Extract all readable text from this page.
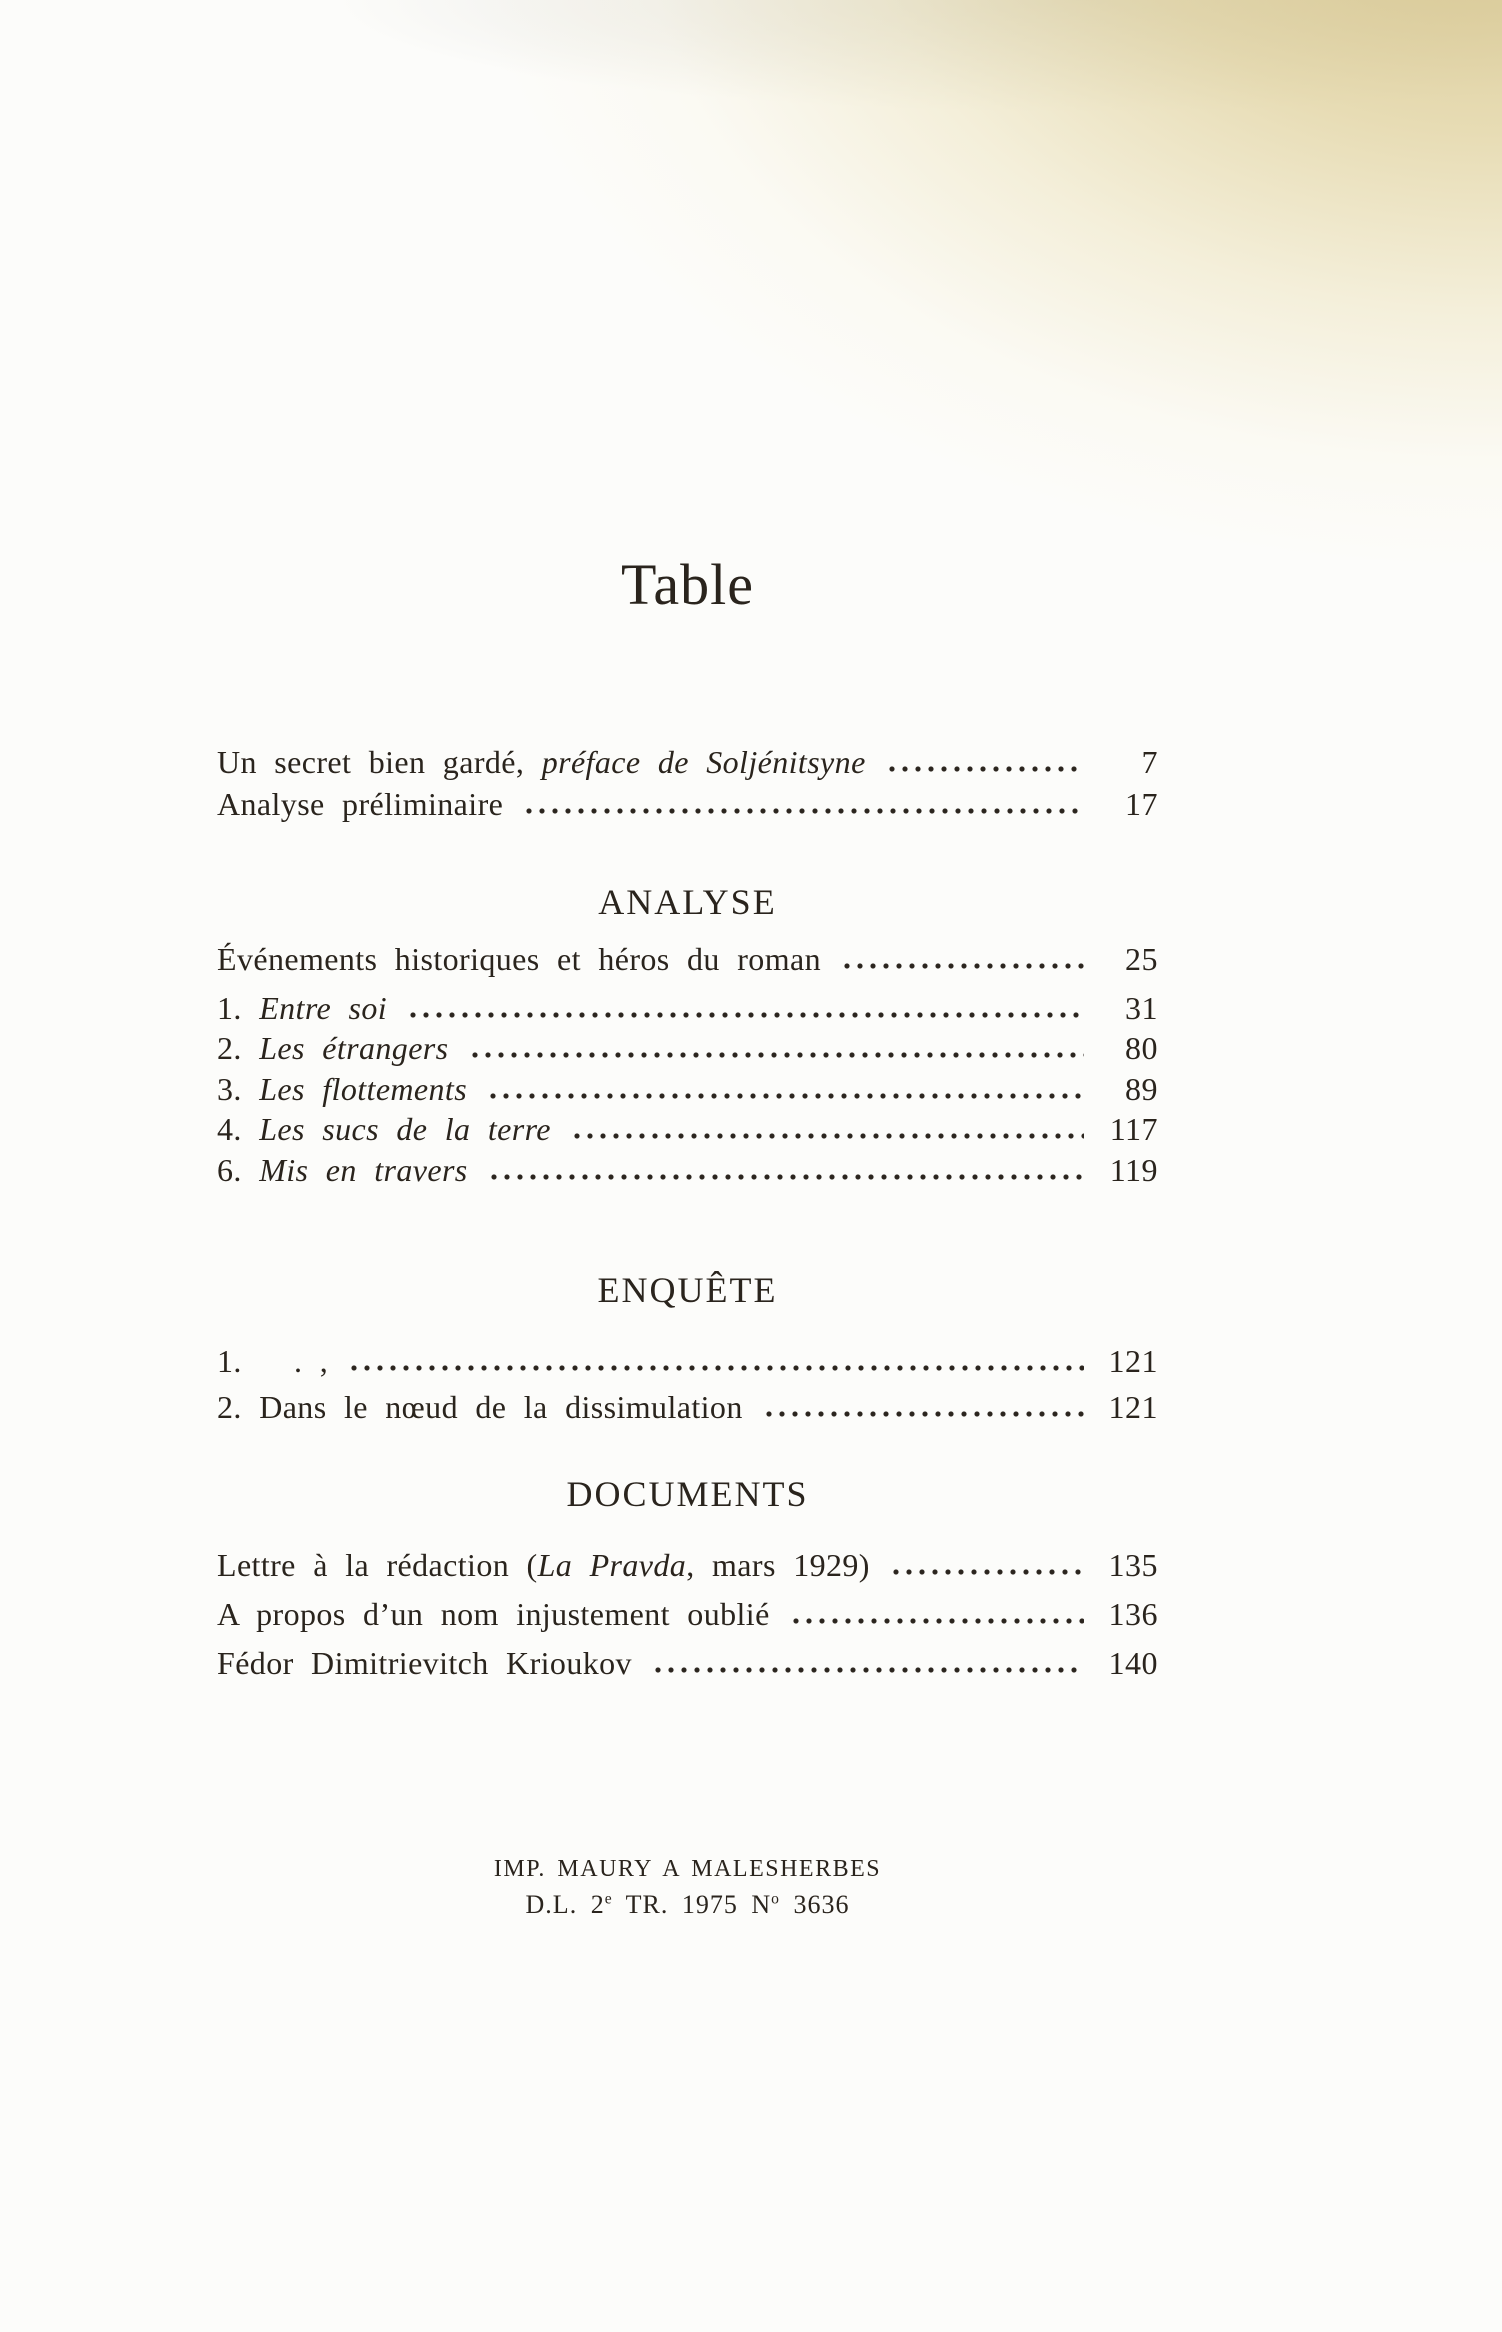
Table
Un secret bien gardé, préface de Soljénitsyne	7
Analyse préliminaire	17
ANALYSE
Événements historiques et héros du roman	25
1. Entre soi	31
2. Les étrangers	80
3. Les flottements	89
4. Les sucs de la terre	117
6. Mis en travers	119
ENQUÊTE
1.   . ,	121
2. Dans le nœud de la dissimulation	121
DOCUMENTS
Lettre à la rédaction (La Pravda, mars 1929)	135
A propos d’un nom injustement oublié	136
Fédor Dimitrievitch Krioukov	140
IMP. MAURY A MALESHERBES
D.L. 2e TR. 1975 $N^o$ 3636
